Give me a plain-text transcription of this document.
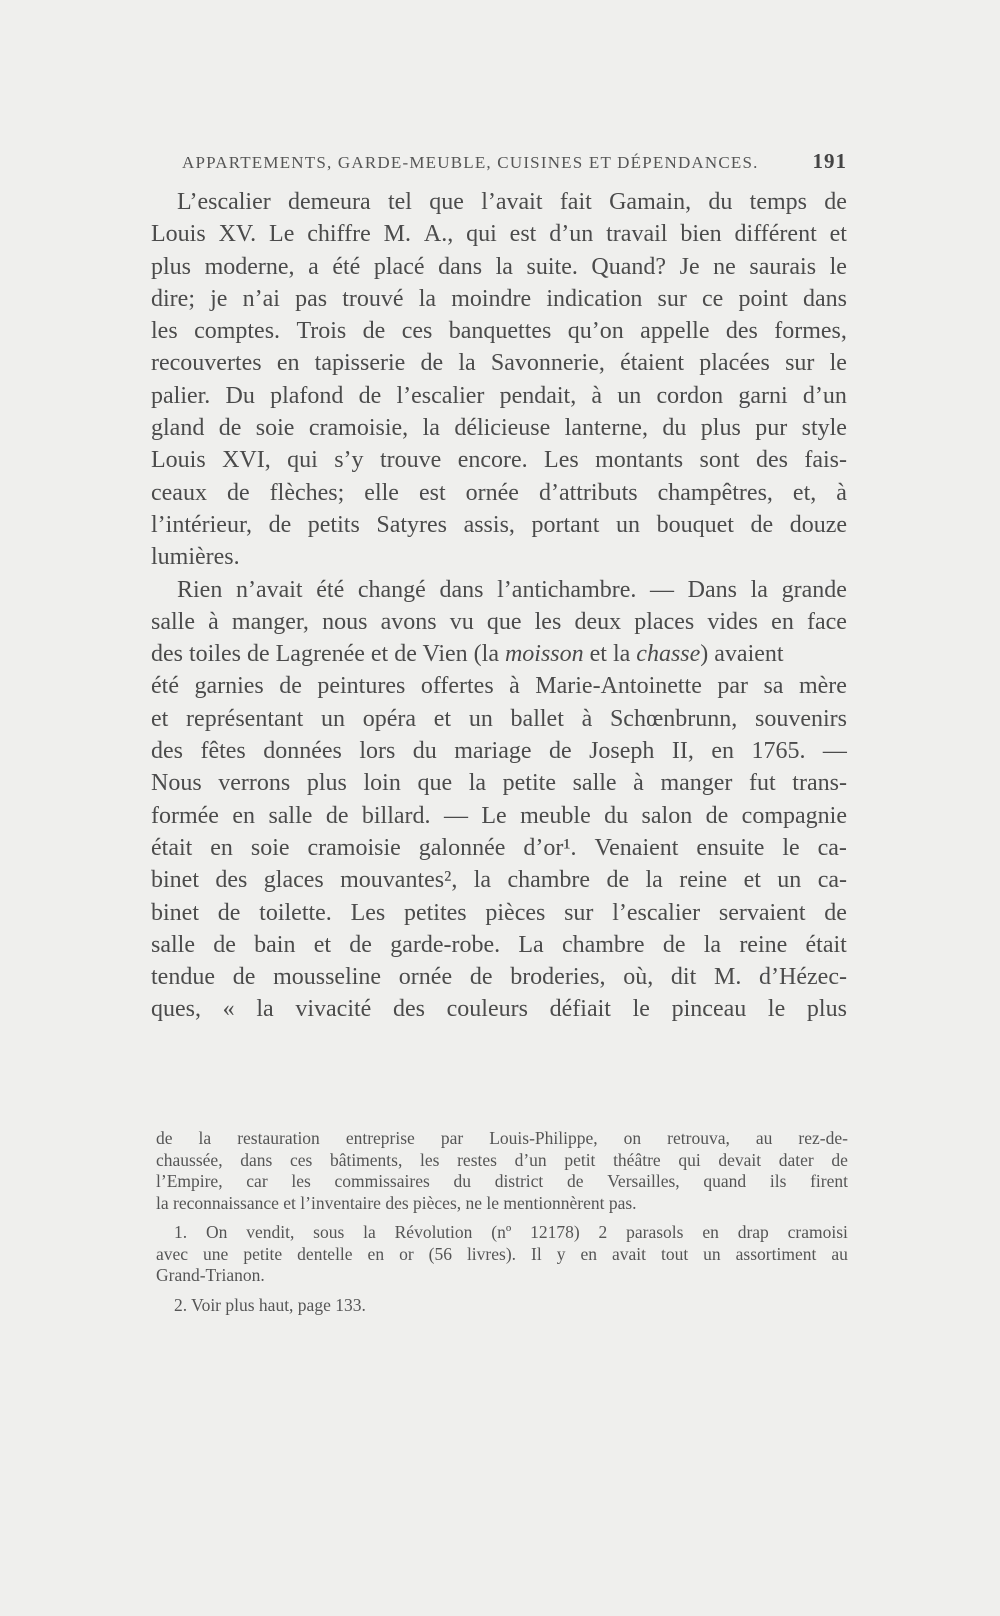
APPARTEMENTS, GARDE-MEUBLE, CUISINES ET DÉPENDANCES.	191
L’escalier demeura tel que l’avait fait Gamain, du temps de
Louis XV. Le chiffre M. A., qui est d’un travail bien différent et
plus moderne, a été placé dans la suite. Quand? Je ne saurais le
dire; je n’ai pas trouvé la moindre indication sur ce point dans
les comptes. Trois de ces banquettes qu’on appelle des formes,
recouvertes en tapisserie de la Savonnerie, étaient placées sur le
palier. Du plafond de l’escalier pendait, à un cordon garni d’un
gland de soie cramoisie, la délicieuse lanterne, du plus pur style
Louis XVI, qui s’y trouve encore. Les montants sont des fais-
ceaux de flèches; elle est ornée d’attributs champêtres, et, à
l’intérieur, de petits Satyres assis, portant un bouquet de douze
lumières.
Rien n’avait été changé dans l’antichambre. — Dans la grande
salle à manger, nous avons vu que les deux places vides en face
des toiles de Lagrenée et de Vien (la moisson et la chasse ) avaient
été garnies de peintures offertes à Marie-Antoinette par sa mère
et représentant un opéra et un ballet à Schœnbrunn, souvenirs
des fêtes données lors du mariage de Joseph II, en 1765. —
Nous verrons plus loin que la petite salle à manger fut trans-
formée en salle de billard. — Le meuble du salon de compagnie
était en soie cramoisie galonnée d’or¹. Venaient ensuite le ca-
binet des glaces mouvantes², la chambre de la reine et un ca-
binet de toilette. Les petites pièces sur l’escalier servaient de
salle de bain et de garde-robe. La chambre de la reine était
tendue de mousseline ornée de broderies, où, dit M. d’Hézec-
ques, « la vivacité des couleurs défiait le pinceau le plus
de la restauration entreprise par Louis-Philippe, on retrouva, au rez-de-
chaussée, dans ces bâtiments, les restes d’un petit théâtre qui devait dater de
l’Empire, car les commissaires du district de Versailles, quand ils firent
la reconnaissance et l’inventaire des pièces, ne le mentionnèrent pas.
1. On vendit, sous la Révolution (nº 12178) 2 parasols en drap cramoisi
avec une petite dentelle en or (56 livres). Il y en avait tout un assortiment au
Grand-Trianon.
2. Voir plus haut, page 133.
